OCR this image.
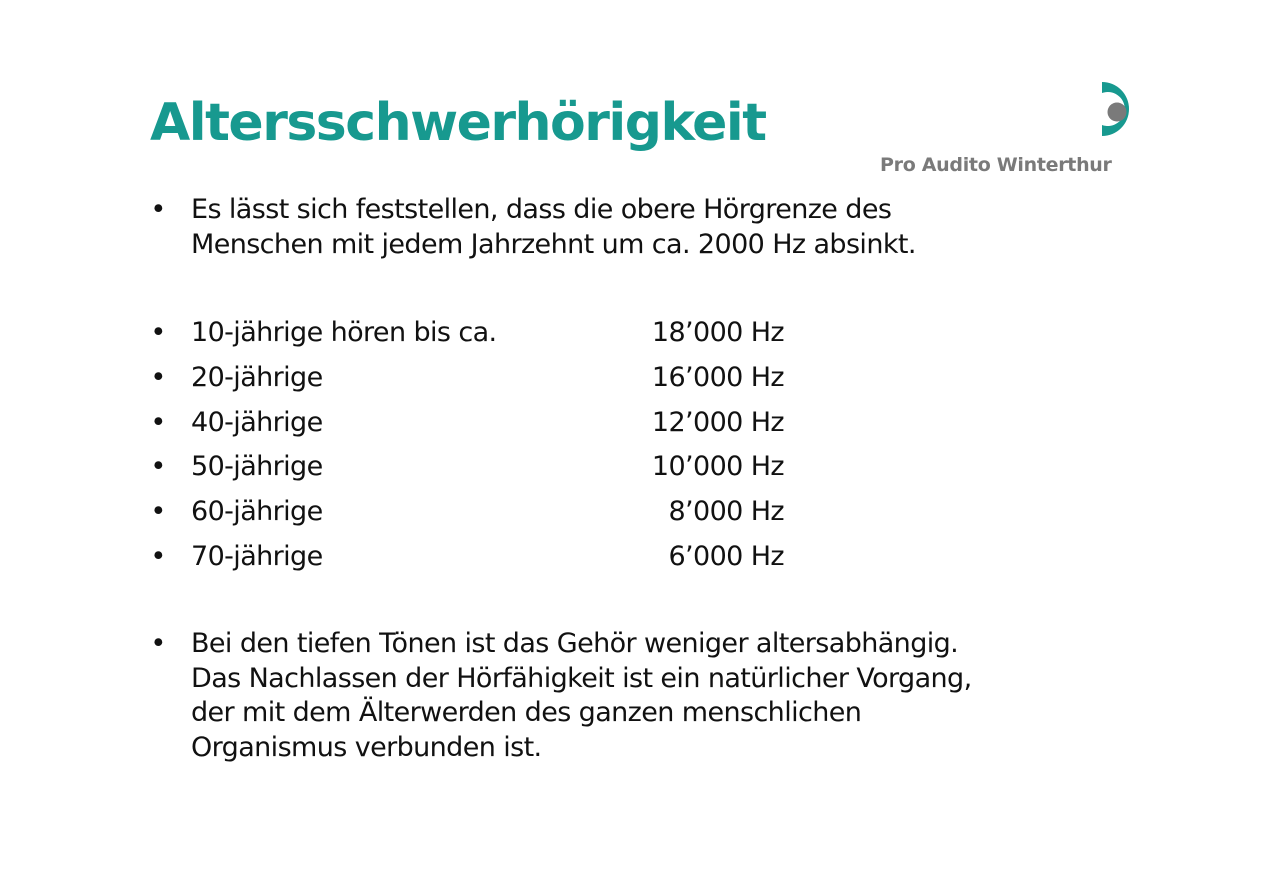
Altersschwerhörigkeit
Pro Audito Winterthur
• Es lässt sich feststellen, dass die obere Hörgrenze des
Menschen mit jedem Jahrzehnt um ca. 2000 Hz absinkt.
• 10-jährige hören bis ca.	18’000 Hz
• 20-jährige	16’000 Hz
• 40-jährige	12’000 Hz
• 50-jährige	10’000 Hz
• 60-jährige	8’000 Hz
• 70-jährige	6’000 Hz
• Bei den tiefen Tönen ist das Gehör weniger altersabhängig.
Das Nachlassen der Hörfähigkeit ist ein natürlicher Vorgang,
der mit dem Älterwerden des ganzen menschlichen
Organismus verbunden ist.
